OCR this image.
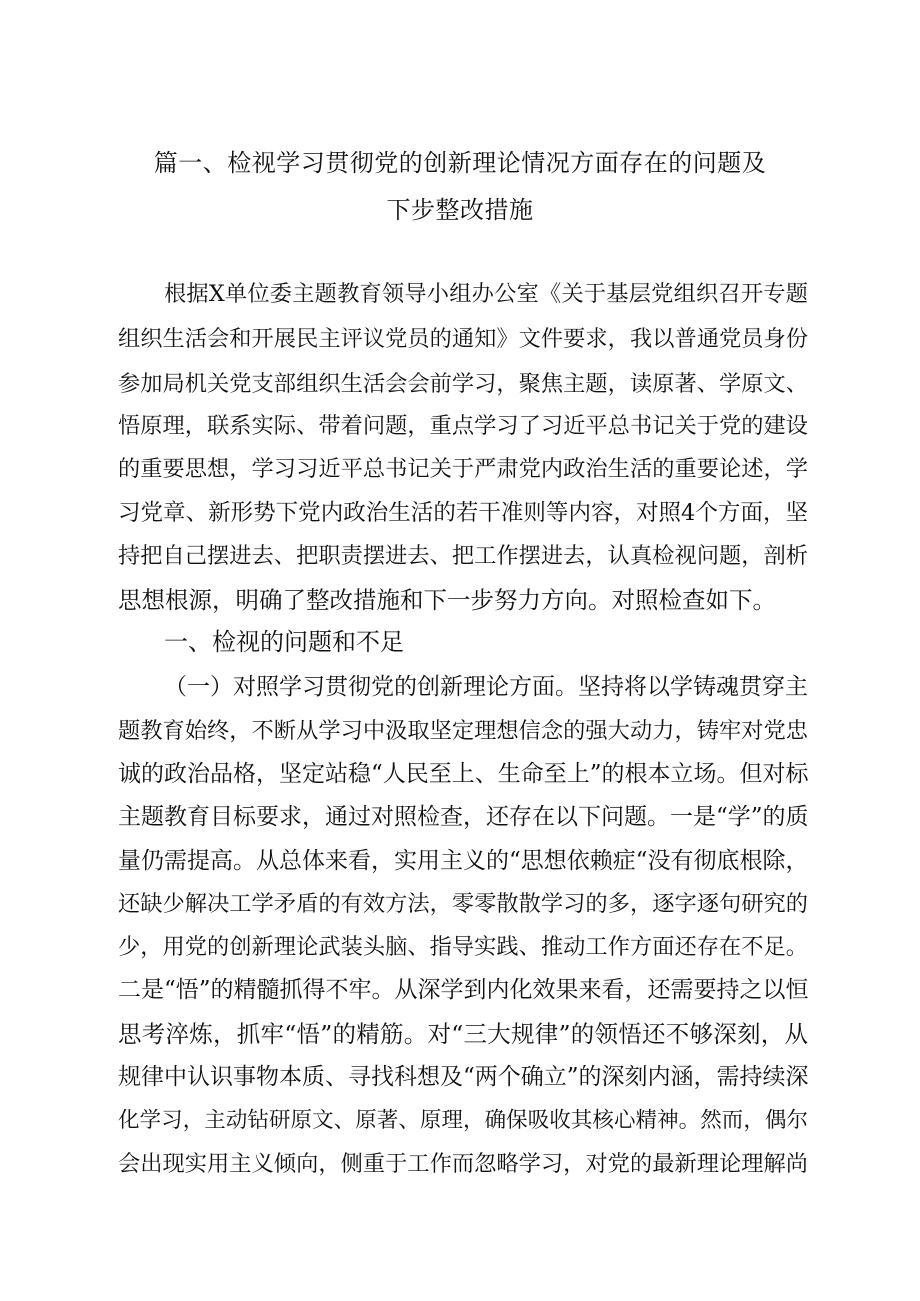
篇一、检视学习贯彻党的创新理论情况方面存在的问题及
下步整改措施
根据X单位委主题教育领导小组办公室《关于基层党组织召开专题
组织生活会和开展民主评议党员的通知》文件要求，我以普通党员身份
参加局机关党支部组织生活会会前学习，聚焦主题，读原著、学原文、
悟原理，联系实际、带着问题，重点学习了习近平总书记关于党的建设
的重要思想，学习习近平总书记关于严肃党内政治生活的重要论述，学
习党章、新形势下党内政治生活的若干准则等内容，对照4个方面，坚
持把自己摆进去、把职责摆进去、把工作摆进去，认真检视问题，剖析
思想根源，明确了整改措施和下一步努力方向。对照检查如下。
一、检视的问题和不足
（一）对照学习贯彻党的创新理论方面。坚持将以学铸魂贯穿主
题教育始终，不断从学习中汲取坚定理想信念的强大动力，铸牢对党忠
诚的政治品格，坚定站稳“人民至上、生命至上”的根本立场。但对标
主题教育目标要求，通过对照检查，还存在以下问题。一是“学”的质
量仍需提高。从总体来看，实用主义的“思想依赖症“没有彻底根除，
还缺少解决工学矛盾的有效方法，零零散散学习的多，逐字逐句研究的
少，用党的创新理论武装头脑、指导实践、推动工作方面还存在不足。
二是“悟”的精髓抓得不牢。从深学到内化效果来看，还需要持之以恒
思考淬炼，抓牢“悟”的精筋。对“三大规律”的领悟还不够深刻，从
规律中认识事物本质、寻找科想及“两个确立”的深刻内涵，需持续深
化学习，主动钻研原文、原著、原理，确保吸收其核心精神。然而，偶尔
会出现实用主义倾向，侧重于工作而忽略学习，对党的最新理论理解尚
